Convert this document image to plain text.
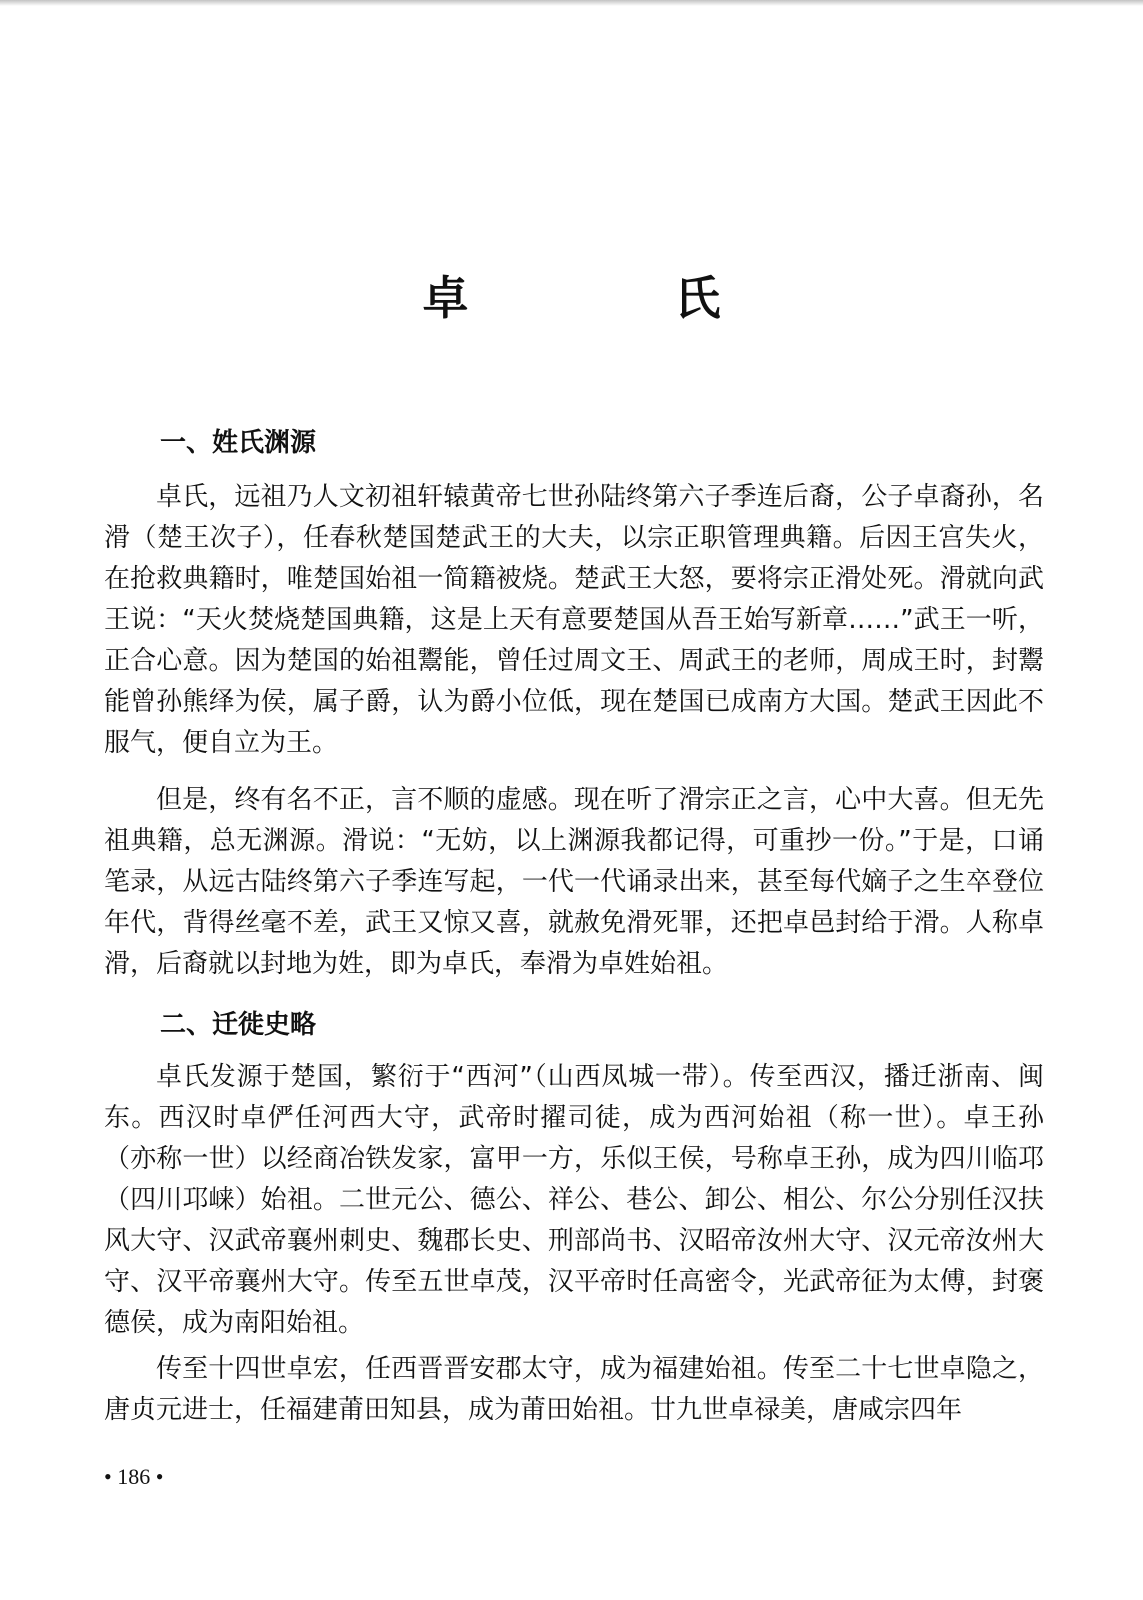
卓　氏
一、姓氏渊源

卓氏，远祖乃人文初祖轩辕黄帝七世孙陆终第六子季连后裔，公子卓裔孙，名滑（楚王次子），任春秋楚国楚武王的大夫，以宗正职管理典籍。后因王宫失火，在抢救典籍时，唯楚国始祖一简籍被烧。楚武王大怒，要将宗正滑处死。滑就向武王说：“天火焚烧楚国典籍，这是上天有意要楚国从吾王始写新章……”武王一听，正合心意。因为楚国的始祖鬻能，曾任过周文王、周武王的老师，周成王时，封鬻能曾孙熊绎为侯，属子爵，认为爵小位低，现在楚国已成南方大国。楚武王因此不服气，便自立为王。

但是，终有名不正，言不顺的虚感。现在听了滑宗正之言，心中大喜。但无先祖典籍，总无渊源。滑说：“无妨，以上渊源我都记得，可重抄一份。”于是，口诵笔录，从远古陆终第六子季连写起，一代一代诵录出来，甚至每代嫡子之生卒登位年代，背得丝毫不差，武王又惊又喜，就赦免滑死罪，还把卓邑封给于滑。人称卓滑，后裔就以封地为姓，即为卓氏，奉滑为卓姓始祖。

二、迁徙史略

卓氏发源于楚国，繁衍于“西河”（山西凤城一带）。传至西汉，播迁浙南、闽东。西汉时卓俨任河西大守，武帝时擢司徒，成为西河始祖（称一世）。卓王孙（亦称一世）以经商冶铁发家，富甲一方，乐似王侯，号称卓王孙，成为四川临邛（四川邛崃）始祖。二世元公、德公、祥公、巷公、卸公、相公、尔公分别任汉扶风大守、汉武帝襄州刺史、魏郡长史、刑部尚书、汉昭帝汝州大守、汉元帝汝州大守、汉平帝襄州大守。传至五世卓茂，汉平帝时任高密令，光武帝征为太傅，封褒德侯，成为南阳始祖。

传至十四世卓宏，任西晋晋安郡太守，成为福建始祖。传至二十七世卓隐之，唐贞元进士，任福建莆田知县，成为莆田始祖。廿九世卓禄美，唐咸宗四年

• 186 •
